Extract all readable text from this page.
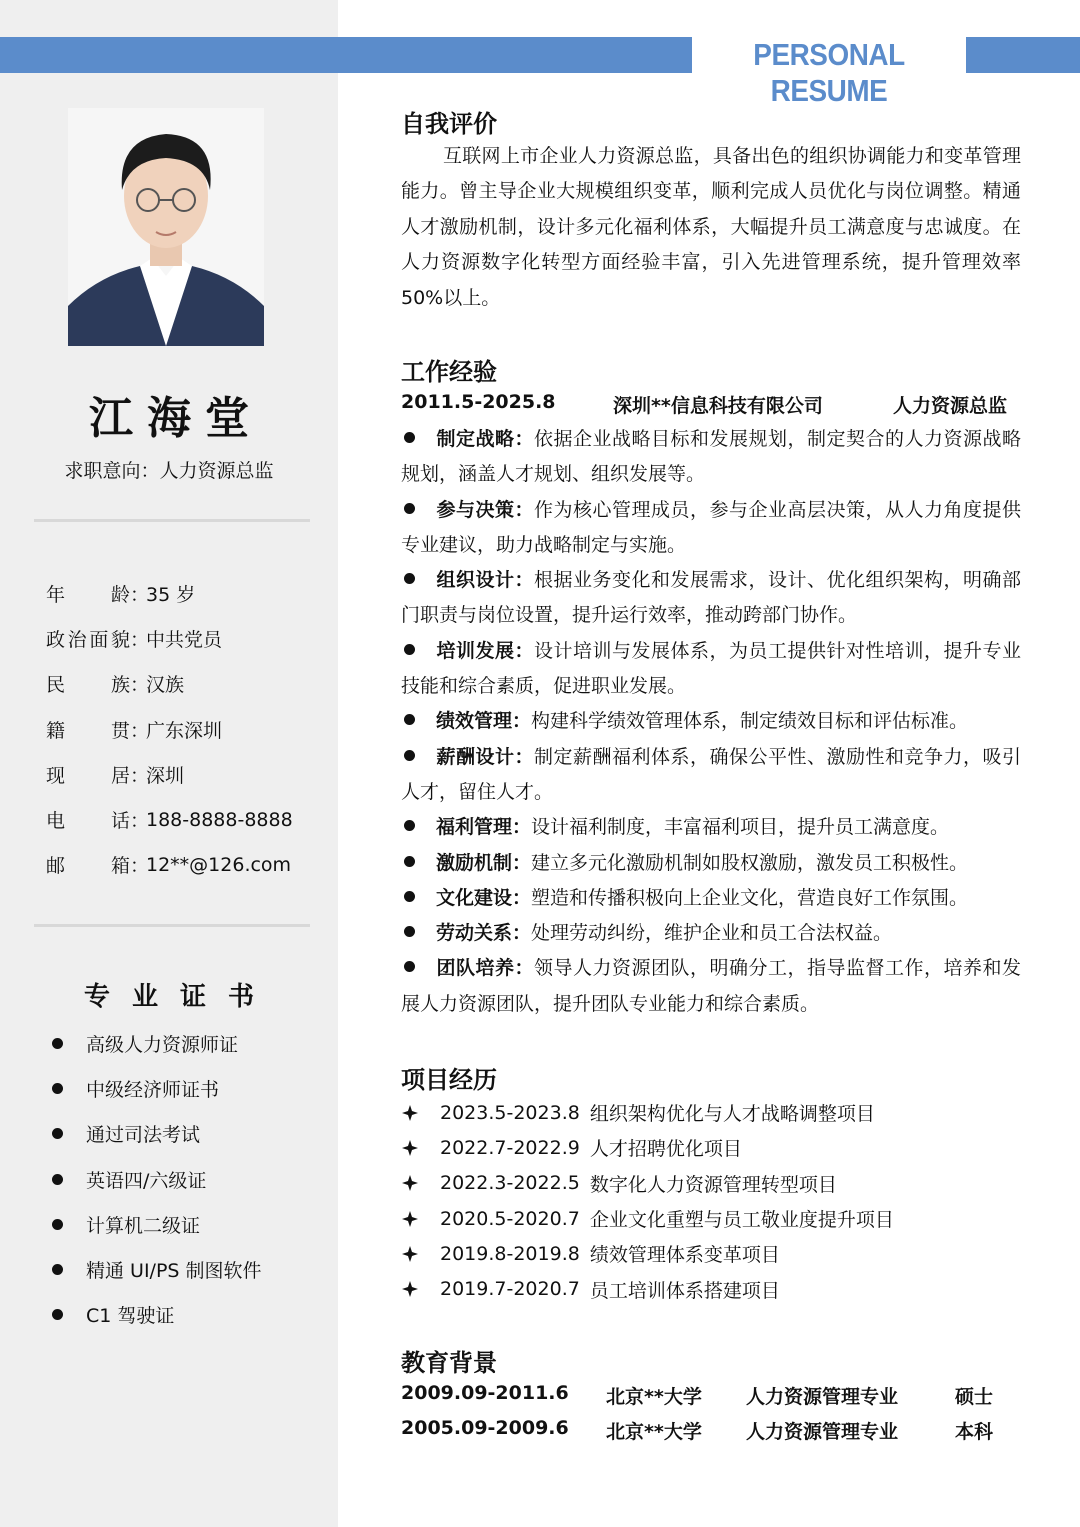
PERSONAL RESUME
江海堂
求职意向：人力资源总监
年龄 ：
35 岁
政治面貌 ：
中共党员
民族 ：
汉族
籍贯 ：
广东深圳
现居 ：
深圳
电话 ：
188-8888-8888
邮箱 ：
12**@126.com
专业证书
高级人力资源师证
中级经济师证书
通过司法考试
英语四/六级证
计算机二级证
精通 UI/PS 制图软件
C1 驾驶证
自我评价
互联网上市企业人力资源总监，具备出色的组织协调能力和变革管理能力。曾主导企业大规模组织变革，顺利完成人员优化与岗位调整。精通人才激励机制，设计多元化福利体系，大幅提升员工满意度与忠诚度。在人力资源数字化转型方面经验丰富，引入先进管理系统，提升管理效率 50%以上。
工作经验
2011.5-2025.8	深圳**信息科技有限公司	人力资源总监
制定战略：依据企业战略目标和发展规划，制定契合的人力资源战略规划，涵盖人才规划、组织发展等。
参与决策：作为核心管理成员，参与企业高层决策，从人力角度提供专业建议，助力战略制定与实施。
组织设计：根据业务变化和发展需求，设计、优化组织架构，明确部门职责与岗位设置，提升运行效率，推动跨部门协作。
培训发展：设计培训与发展体系，为员工提供针对性培训，提升专业技能和综合素质，促进职业发展。
绩效管理：构建科学绩效管理体系，制定绩效目标和评估标准。
薪酬设计：制定薪酬福利体系，确保公平性、激励性和竞争力，吸引人才，留住人才。
福利管理：设计福利制度，丰富福利项目，提升员工满意度。
激励机制：建立多元化激励机制如股权激励，激发员工积极性。
文化建设：塑造和传播积极向上企业文化，营造良好工作氛围。
劳动关系：处理劳动纠纷，维护企业和员工合法权益。
团队培养：领导人力资源团队，明确分工，指导监督工作，培养和发展人力资源团队，提升团队专业能力和综合素质。
项目经历
2023.5-2023.8 组织架构优化与人才战略调整项目
2022.7-2022.9 人才招聘优化项目
2022.3-2022.5 数字化人力资源管理转型项目
2020.5-2020.7 企业文化重塑与员工敬业度提升项目
2019.8-2019.8 绩效管理体系变革项目
2019.7-2020.7 员工培训体系搭建项目
教育背景
2009.09-2011.6 北京**大学 人力资源管理专业	硕士
2005.09-2009.6 北京**大学 人力资源管理专业	本科
